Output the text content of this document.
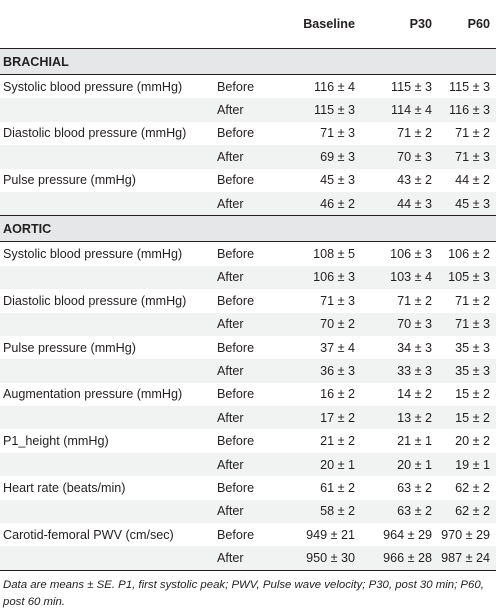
		Baseline	P30	P60
BRACHIAL				
Systolic blood pressure (mmHg)	Before	116 ± 4	115 ± 3	115 ± 3
	After	115 ± 3	114 ± 4	116 ± 3
Diastolic blood pressure (mmHg)	Before	71 ± 3	71 ± 2	71 ± 2
	After	69 ± 3	70 ± 3	71 ± 3
Pulse pressure (mmHg)	Before	45 ± 3	43 ± 2	44 ± 2
	After	46 ± 2	44 ± 3	45 ± 3
AORTIC				
Systolic blood pressure (mmHg)	Before	108 ± 5	106 ± 3	106 ± 2
	After	106 ± 3	103 ± 4	105 ± 3
Diastolic blood pressure (mmHg)	Before	71 ± 3	71 ± 2	71 ± 2
	After	70 ± 2	70 ± 3	71 ± 3
Pulse pressure (mmHg)	Before	37 ± 4	34 ± 3	35 ± 3
	After	36 ± 3	33 ± 3	35 ± 3
Augmentation pressure (mmHg)	Before	16 ± 2	14 ± 2	15 ± 2
	After	17 ± 2	13 ± 2	15 ± 2
P1_height (mmHg)	Before	21 ± 2	21 ± 1	20 ± 2
	After	20 ± 1	20 ± 1	19 ± 1
Heart rate (beats/min)	Before	61 ± 2	63 ± 2	62 ± 2
	After	58 ± 2	63 ± 2	62 ± 2
Carotid-femoral PWV (cm/sec)	Before	949 ± 21	964 ± 29	970 ± 29
	After	950 ± 30	966 ± 28	987 ± 24
Data are means ± SE. P1, first systolic peak; PWV, Pulse wave velocity; P30, post 30 min; P60, post 60 min.
